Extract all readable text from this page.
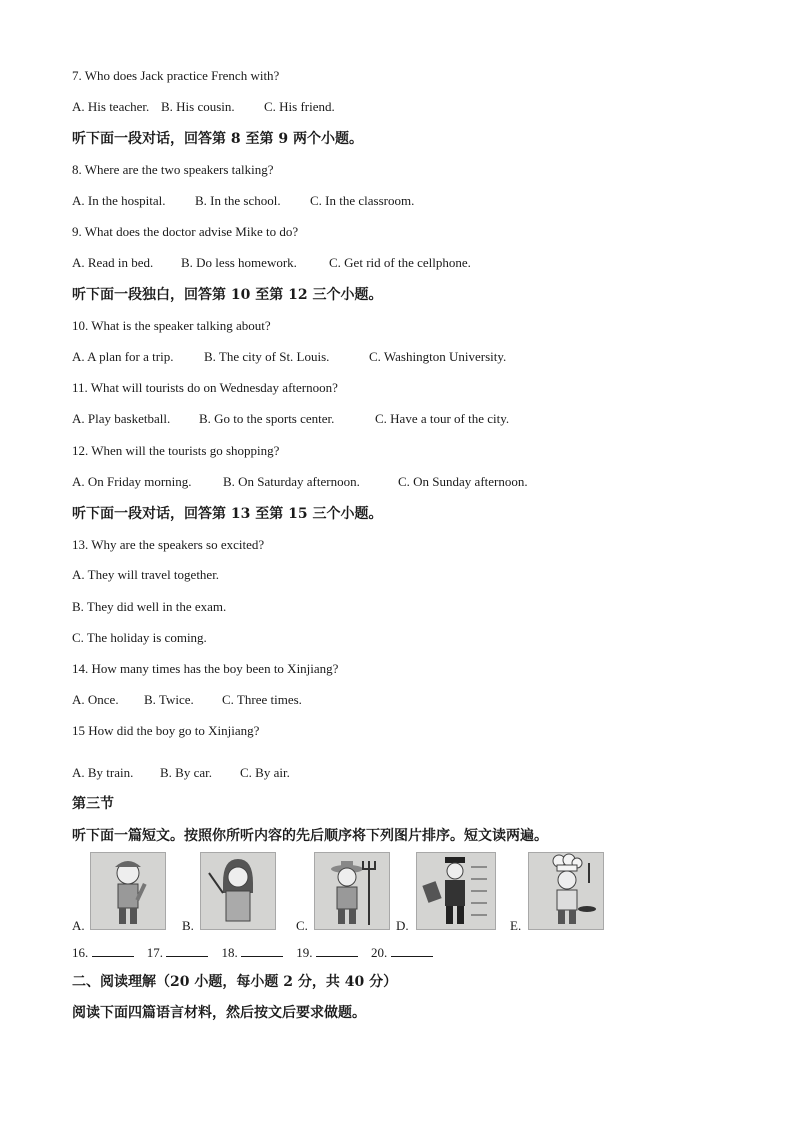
7. Who does Jack practice French with?
A. His teacher. B. His cousin. C. His friend.
听下面一段对话，回答第 8 至第 9 两个小题。
8. Where are the two speakers talking?
A. In the hospital. B. In the school. C. In the classroom.
9. What does the doctor advise Mike to do?
A. Read in bed. B. Do less homework. C. Get rid of the cellphone.
听下面一段独白，回答第 10 至第 12 三个小题。
10. What is the speaker talking about?
A. A plan for a trip. B. The city of St. Louis.	C. Washington University.
11. What will tourists do on Wednesday afternoon?
A. Play basketball. B. Go to the sports center.	C. Have a tour of the city.
12. When will the tourists go shopping?
A. On Friday morning. B. On Saturday afternoon.	C. On Sunday afternoon.
听下面一段对话，回答第 13 至第 15 三个小题。
13. Why are the speakers so excited?
A. They will travel together.
B. They did well in the exam.
C. The holiday is coming.
14. How many times has the boy been to Xinjiang?
A. Once. B. Twice. C. Three times.
15 How did the boy go to Xinjiang?
A. By train. B. By car. C. By air.
第三节
听下面一篇短文。按照你所听内容的先后顺序将下列图片排序。短文读两遍。
A.	B.	C.	D.	E.
16.	17.	18.	19.	20.
二、阅读理解（20 小题，每小题 2 分，共 40 分）
阅读下面四篇语言材料，然后按文后要求做题。
